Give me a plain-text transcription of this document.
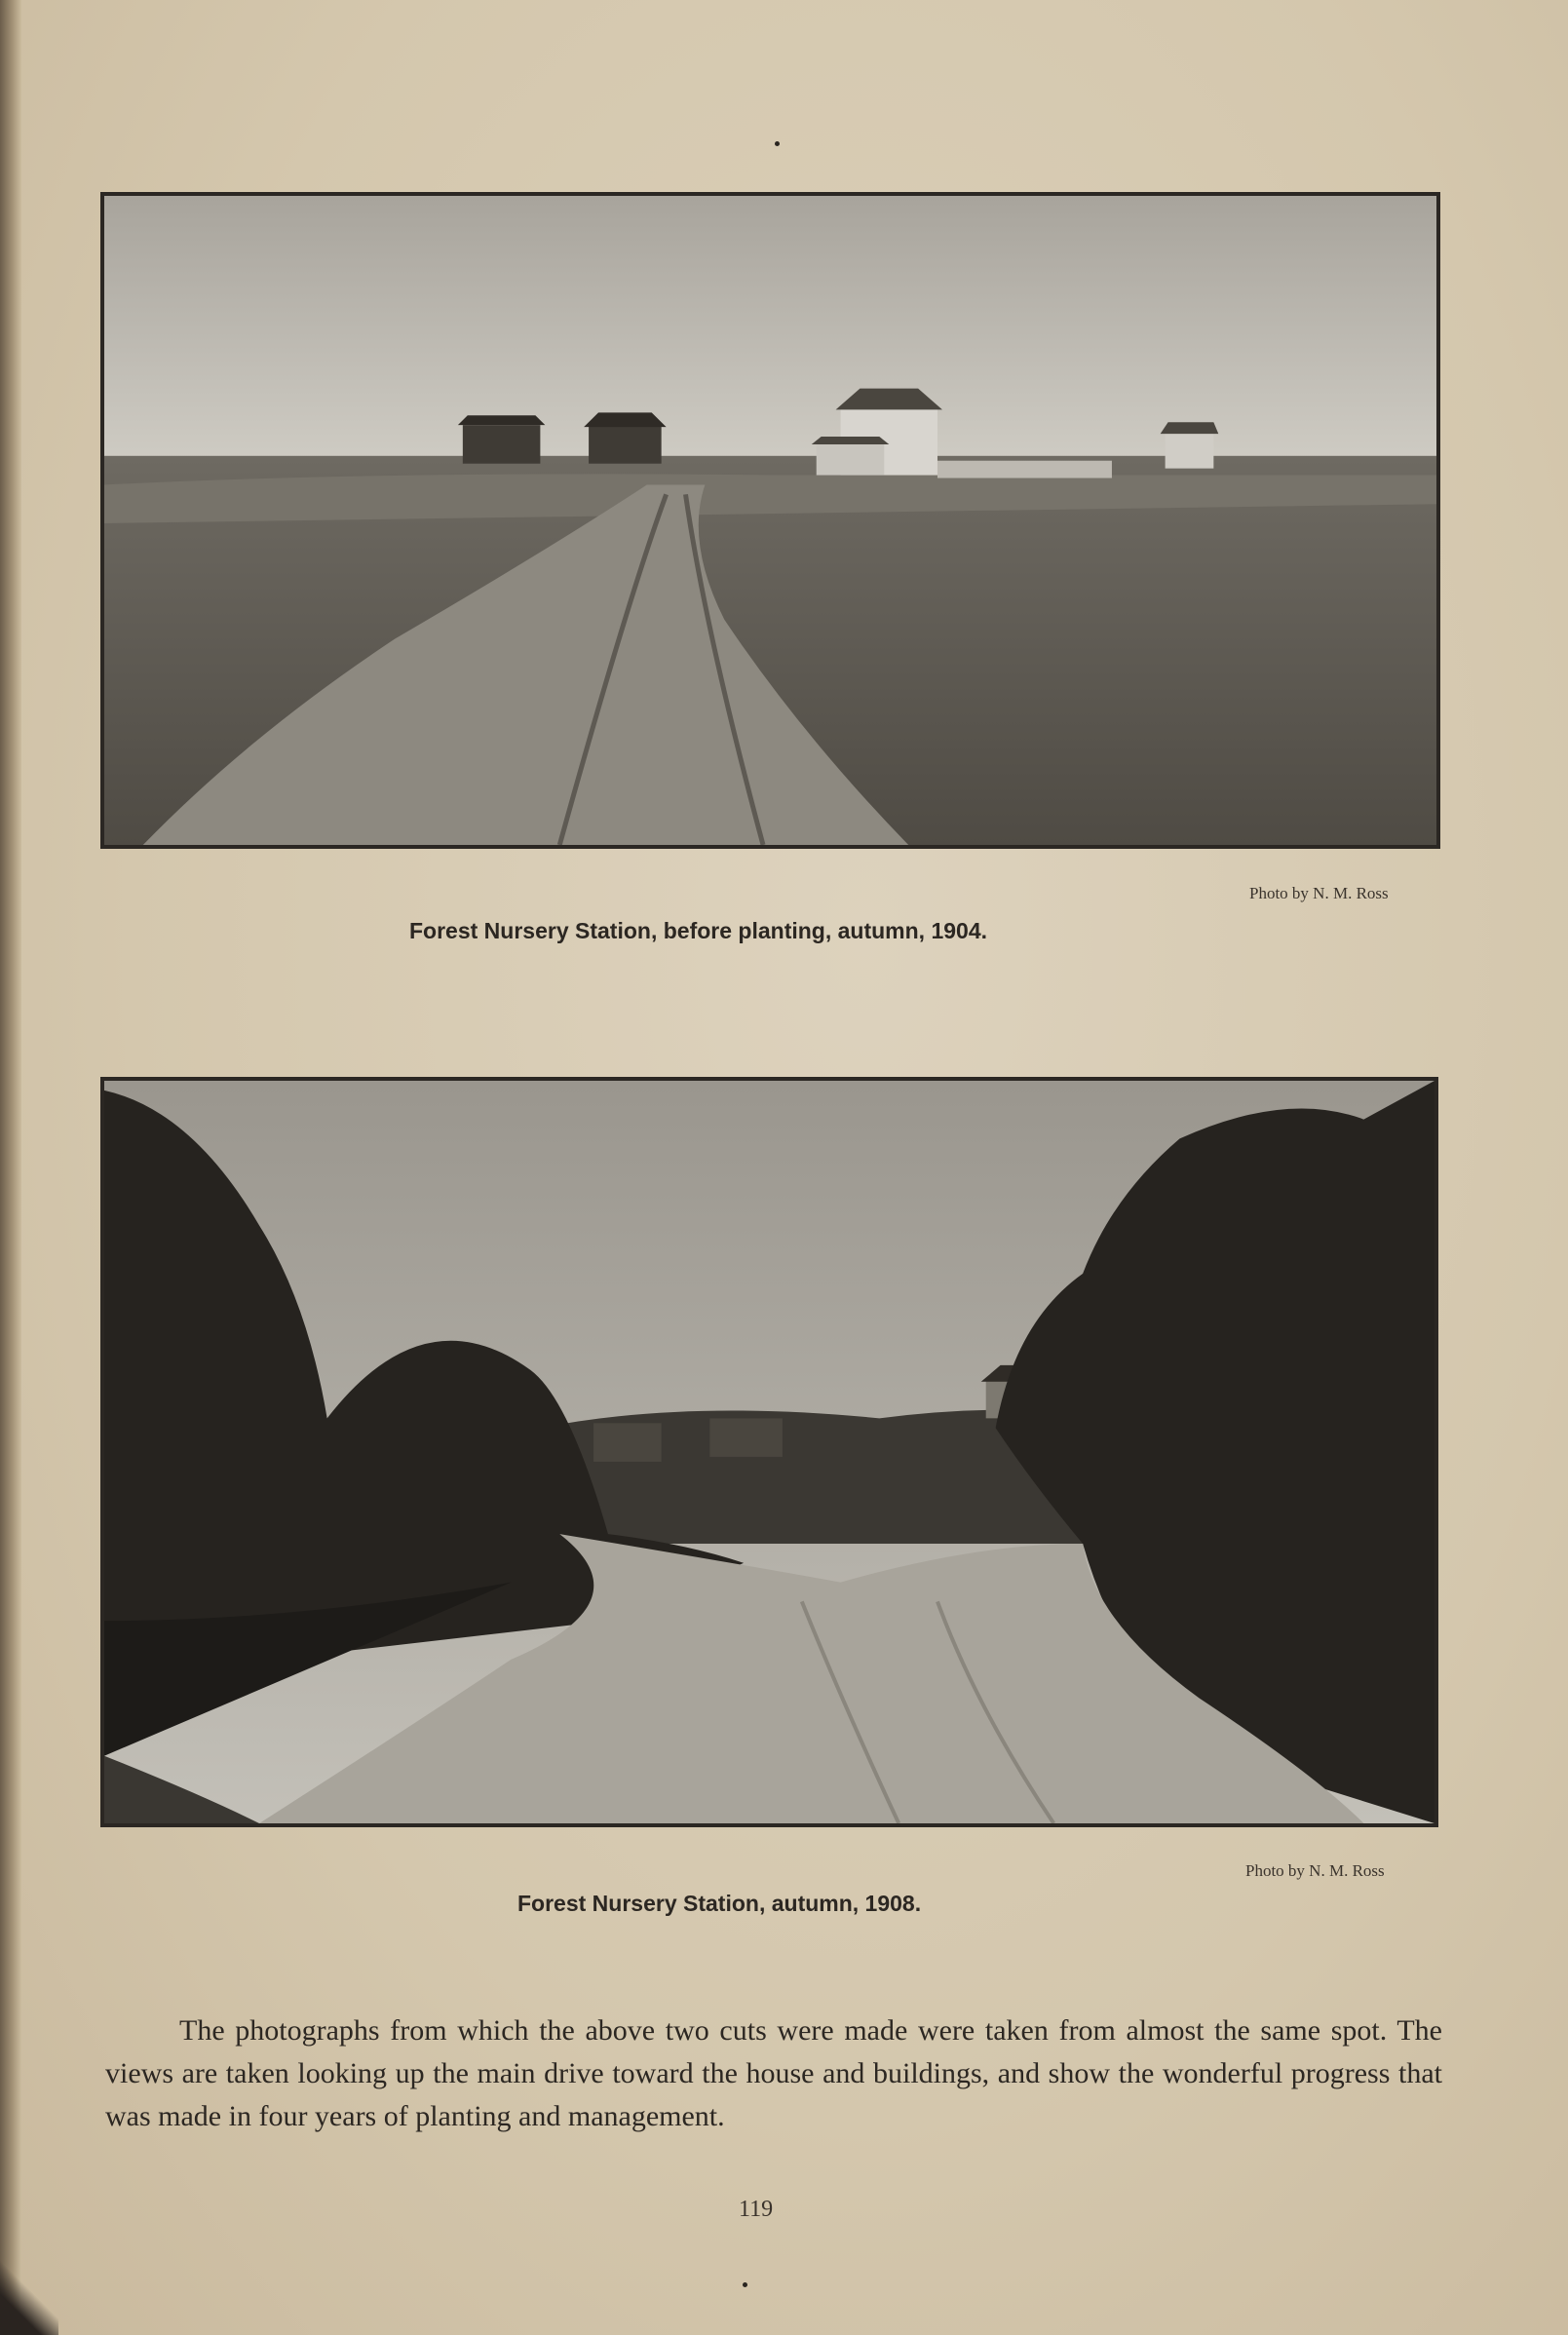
Photo by N. M. Ross
Forest Nursery Station, before planting, autumn, 1904.
Photo by N. M. Ross
Forest Nursery Station, autumn, 1908.

The photographs from which the above two cuts were made were taken from almost the same spot. The views are taken looking up the main drive toward the house and buildings, and show the wonderful progress that was made in four years of planting and management.

119
